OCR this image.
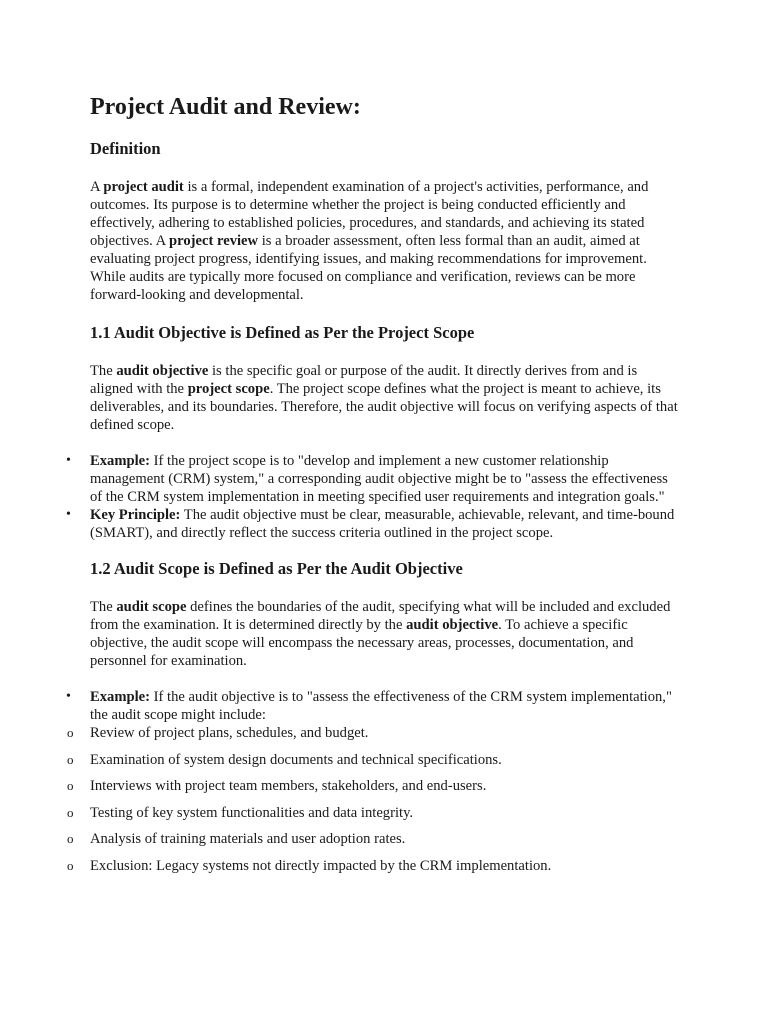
Project Audit and Review:
Definition

A project audit is a formal, independent examination of a project's activities, performance, and outcomes. Its purpose is to determine whether the project is being conducted efficiently and effectively, adhering to established policies, procedures, and standards, and achieving its stated objectives. A project review is a broader assessment, often less formal than an audit, aimed at evaluating project progress, identifying issues, and making recommendations for improvement. While audits are typically more focused on compliance and verification, reviews can be more forward-looking and developmental.

1.1 Audit Objective is Defined as Per the Project Scope

The audit objective is the specific goal or purpose of the audit. It directly derives from and is aligned with the project scope. The project scope defines what the project is meant to achieve, its deliverables, and its boundaries. Therefore, the audit objective will focus on verifying aspects of that defined scope.

• Example: If the project scope is to "develop and implement a new customer relationship management (CRM) system," a corresponding audit objective might be to "assess the effectiveness of the CRM system implementation in meeting specified user requirements and integration goals."
• Key Principle: The audit objective must be clear, measurable, achievable, relevant, and time-bound (SMART), and directly reflect the success criteria outlined in the project scope.
1.2 Audit Scope is Defined as Per the Audit Objective

The audit scope defines the boundaries of the audit, specifying what will be included and excluded from the examination. It is determined directly by the audit objective. To achieve a specific objective, the audit scope will encompass the necessary areas, processes, documentation, and personnel for examination.

• Example: If the audit objective is to "assess the effectiveness of the CRM system implementation," the audit scope might include:
o Review of project plans, schedules, and budget.
o Examination of system design documents and technical specifications.
o Interviews with project team members, stakeholders, and end-users.
o Testing of key system functionalities and data integrity.
o Analysis of training materials and user adoption rates.
o Exclusion: Legacy systems not directly impacted by the CRM implementation.
